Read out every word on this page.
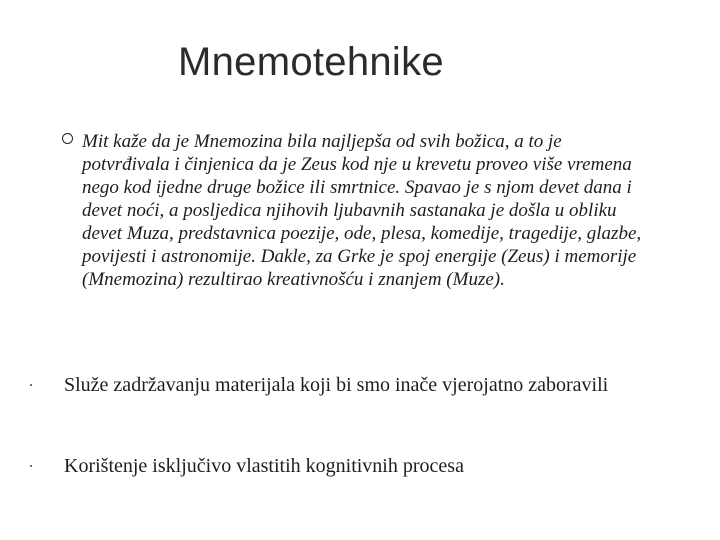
Mnemotehnike
Mit kaže da je Mnemozina bila najljepša od svih božica, a to je potvrđivala i činjenica da je Zeus kod nje u krevetu proveo više vremena nego kod ijedne druge božice ili smrtnice. Spavao je s njom devet dana i devet noći, a posljedica njihovih ljubavnih sastanaka je došla u obliku devet Muza, predstavnica poezije, ode, plesa, komedije, tragedije, glazbe, povijesti i astronomije. Dakle, za Grke je spoj energije (Zeus) i memorije (Mnemozina) rezultirao kreativnošću i znanjem (Muze).
Služe zadržavanju materijala koji bi smo inače vjerojatno zaboravili
Korištenje isključivo vlastitih kognitivnih procesa
